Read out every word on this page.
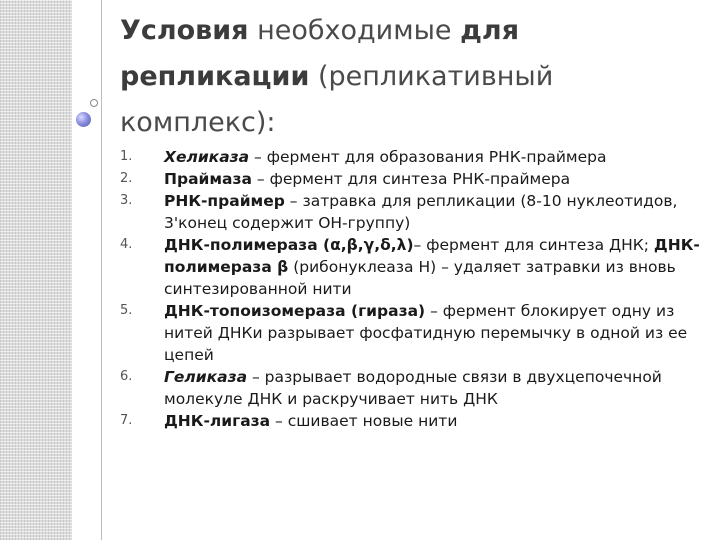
Условия необходимые для
репликации (репликативный комплекс):
1.	Хеликаза – фермент для образования РНК-праймера
2.	Праймаза – фермент для синтеза РНК-праймера
3.	РНК-праймер – затравка для репликации (8-10 нуклеотидов, 3'конец содержит ОН-группу)
4.	ДНК-полимераза (α,β,γ,δ,λ)– фермент для синтеза ДНК; ДНК-полимераза β (рибонуклеаза Н) – удаляет затравки из вновь синтезированной нити
5.	ДНК-топоизомераза (гираза) – фермент блокирует одну из нитей ДНКи разрывает фосфатидную перемычку в одной из ее цепей
6.	Геликаза – разрывает водородные связи в двухцепочечной молекуле ДНК и раскручивает нить ДНК
7.	ДНК-лигаза – сшивает новые нити
